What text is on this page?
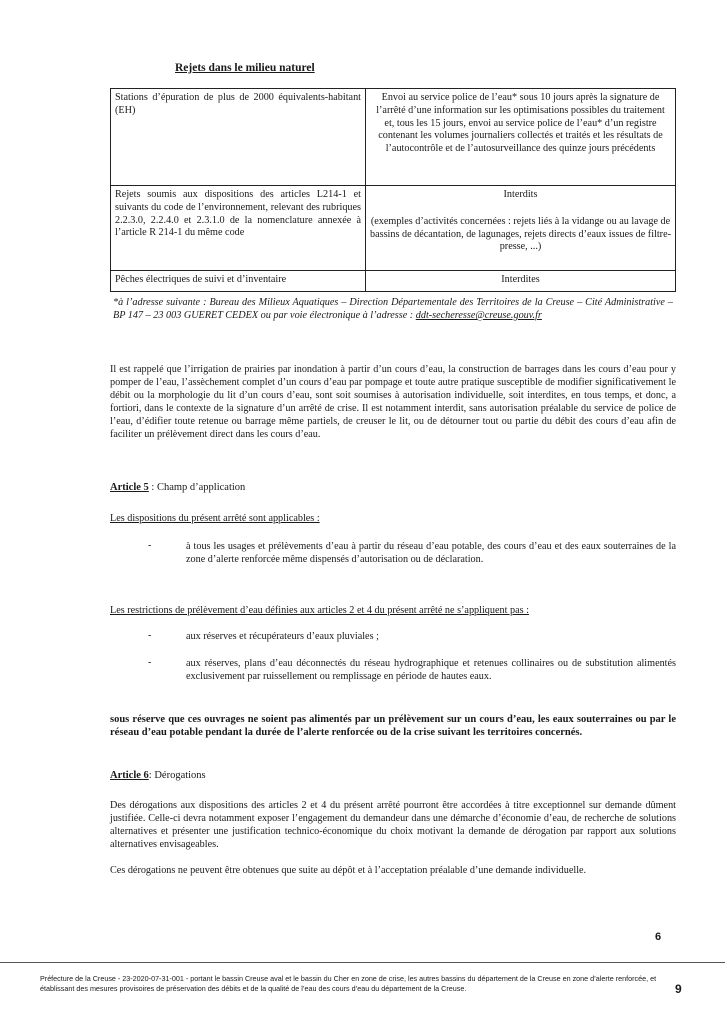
Rejets dans le milieu naturel
Stations d’épuration de plus de 2000 équivalents-habitant (EH)	Envoi au service police de l’eau* sous 10 jours après la signature de l’arrêté d’une information sur les optimisations possibles du traitement et, tous les 15 jours, envoi au service police de l’eau* d’un registre contenant les volumes journaliers collectés et traités et les résultats de l’autocontrôle et de l’autosurveillance des quinze jours précédents
Rejets soumis aux dispositions des articles L214-1 et suivants du code de l’environnement, relevant des rubriques 2.2.3.0, 2.2.4.0 et 2.3.1.0 de la nomenclature annexée à l’article R 214-1 du même code	Interdits
(exemples d’activités concernées : rejets liés à la vidange ou au lavage de bassins de décantation, de lagunages, rejets directs d’eaux issues de filtre-presse, ...)
Pêches électriques de suivi et d’inventaire	Interdites
*à l’adresse suivante : Bureau des Milieux Aquatiques – Direction Départementale des Territoires de la Creuse – Cité Administrative – BP 147 – 23 003 GUERET CEDEX ou par voie électronique à l’adresse : ddt-secheresse@creuse.gouv.fr
Il est rappelé que l’irrigation de prairies par inondation à partir d’un cours d’eau, la construction de barrages dans les cours d’eau pour y pomper de l’eau, l’assèchement complet d’un cours d’eau par pompage et toute autre pratique susceptible de modifier significativement le débit ou la morphologie du lit d’un cours d’eau, sont soit soumises à autorisation individuelle, soit interdites, en tous temps, et donc, a fortiori, dans le contexte de la signature d’un arrêté de crise. Il est notamment interdit, sans autorisation préalable du service de police de l’eau, d’édifier toute retenue ou barrage même partiels, de creuser le lit, ou de détourner tout ou partie du débit des cours d’eau afin de faciliter un prélèvement direct dans les cours d’eau.
Article 5 : Champ d’application
Les dispositions du présent arrêté sont applicables :
-	à tous les usages et prélèvements d’eau à partir du réseau d’eau potable, des cours d’eau et des eaux souterraines de la zone d’alerte renforcée même dispensés d’autorisation ou de déclaration.
Les restrictions de prélèvement d’eau définies aux articles 2 et 4 du présent arrêté ne s’appliquent pas :
-	aux réserves et récupérateurs d’eaux pluviales ;
-	aux réserves, plans d’eau déconnectés du réseau hydrographique et retenues collinaires ou de substitution alimentés exclusivement par ruissellement ou remplissage en période de hautes eaux.
sous réserve que ces ouvrages ne soient pas alimentés par un prélèvement sur un cours d’eau, les eaux souterraines ou par le réseau d’eau potable pendant la durée de l’alerte renforcée ou de la crise suivant les territoires concernés.
Article 6: Dérogations
Des dérogations aux dispositions des articles 2 et 4 du présent arrêté pourront être accordées à titre exceptionnel sur demande dûment justifiée. Celle-ci devra notamment exposer l’engagement du demandeur dans une démarche d’économie d’eau, de recherche de solutions alternatives et présenter une justification technico-économique du choix motivant la demande de dérogation par rapport aux solutions alternatives envisageables.
Ces dérogations ne peuvent être obtenues que suite au dépôt et à l’acceptation préalable d’une demande individuelle.
6
Préfecture de la Creuse - 23-2020-07-31-001 - portant le bassin Creuse aval et le bassin du Cher en zone de crise, les autres bassins du département de la Creuse en zone d’alerte renforcée, et établissant des mesures provisoires de préservation des débits et de la qualité de l’eau des cours d’eau du département de la Creuse.	9
